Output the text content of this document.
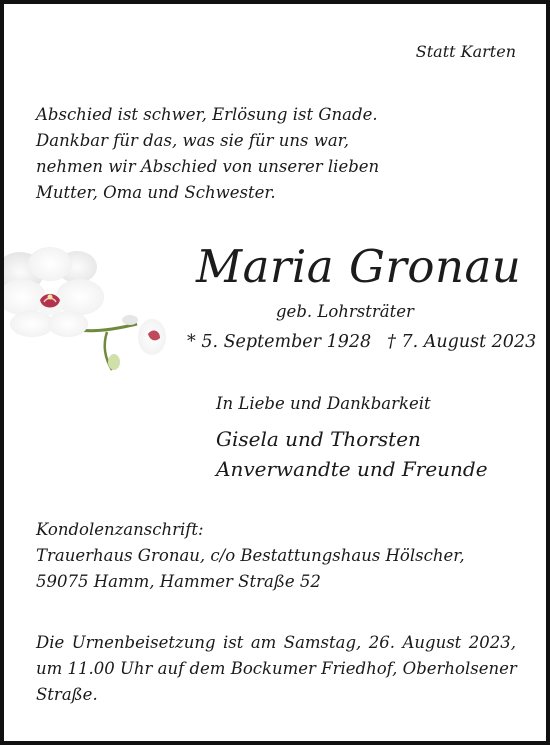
Statt Karten
Abschied ist schwer, Erlösung ist Gnade.
Dankbar für das, was sie für uns war,
nehmen wir Abschied von unserer lieben
Mutter, Oma und Schwester.
Maria Gronau
geb. Lohrsträter
* 5. September 1928 † 7. August 2023
In Liebe und Dankbarkeit
Gisela und Thorsten
Anverwandte und Freunde
Kondolenzanschrift:
Trauerhaus Gronau, c/o Bestattungshaus Hölscher,
59075 Hamm, Hammer Straße 52
Die Urnenbeisetzung ist am Samstag, 26. August 2023,
um 11.00 Uhr auf dem Bockumer Friedhof, Oberholsener
Straße.
